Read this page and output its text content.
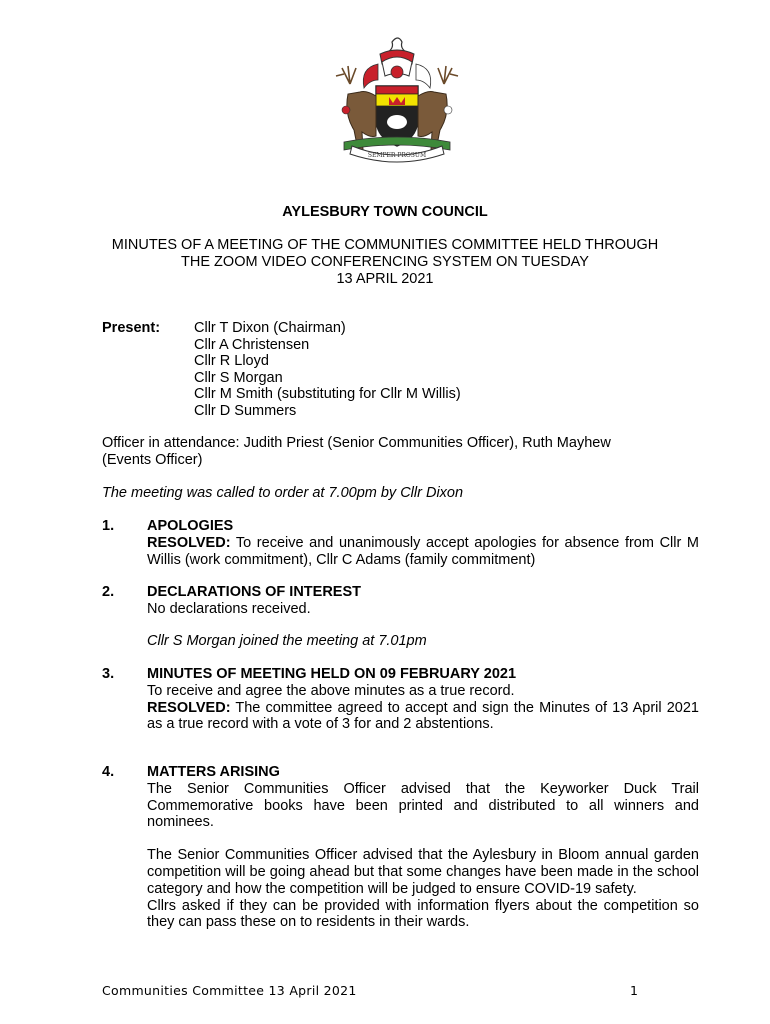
SEMPER PROSUM
AYLESBURY TOWN COUNCIL
MINUTES OF A MEETING OF THE COMMUNITIES COMMITTEE HELD THROUGH
THE ZOOM VIDEO CONFERENCING SYSTEM ON TUESDAY
13 APRIL 2021
Present: Cllr T Dixon (Chairman)
Cllr A Christensen
Cllr R Lloyd
Cllr S Morgan
Cllr M Smith (substituting for Cllr M Willis)
Cllr D Summers
Officer in attendance: Judith Priest (Senior Communities Officer), Ruth Mayhew
(Events Officer)
The meeting was called to order at 7.00pm by Cllr Dixon
1. APOLOGIES

RESOLVED: To receive and unanimously accept apologies for absence from Cllr M Willis (work commitment), Cllr C Adams (family commitment)

2. DECLARATIONS OF INTEREST
No declarations received.
Cllr S Morgan joined the meeting at 7.01pm
3. MINUTES OF MEETING HELD ON 09 FEBRUARY 2021
To receive and agree the above minutes as a true record.

RESOLVED: The committee agreed to accept and sign the Minutes of 13 April 2021 as a true record with a vote of 3 for and 2 abstentions.

4. MATTERS ARISING

The Senior Communities Officer advised that the Keyworker Duck Trail Commemorative books have been printed and distributed to all winners and nominees.

The Senior Communities Officer advised that the Aylesbury in Bloom annual garden competition will be going ahead but that some changes have been made in the school category and how the competition will be judged to ensure COVID-19 safety.

Cllrs asked if they can be provided with information flyers about the competition so they can pass these on to residents in their wards.

Communities Committee 13 April 2021	1
